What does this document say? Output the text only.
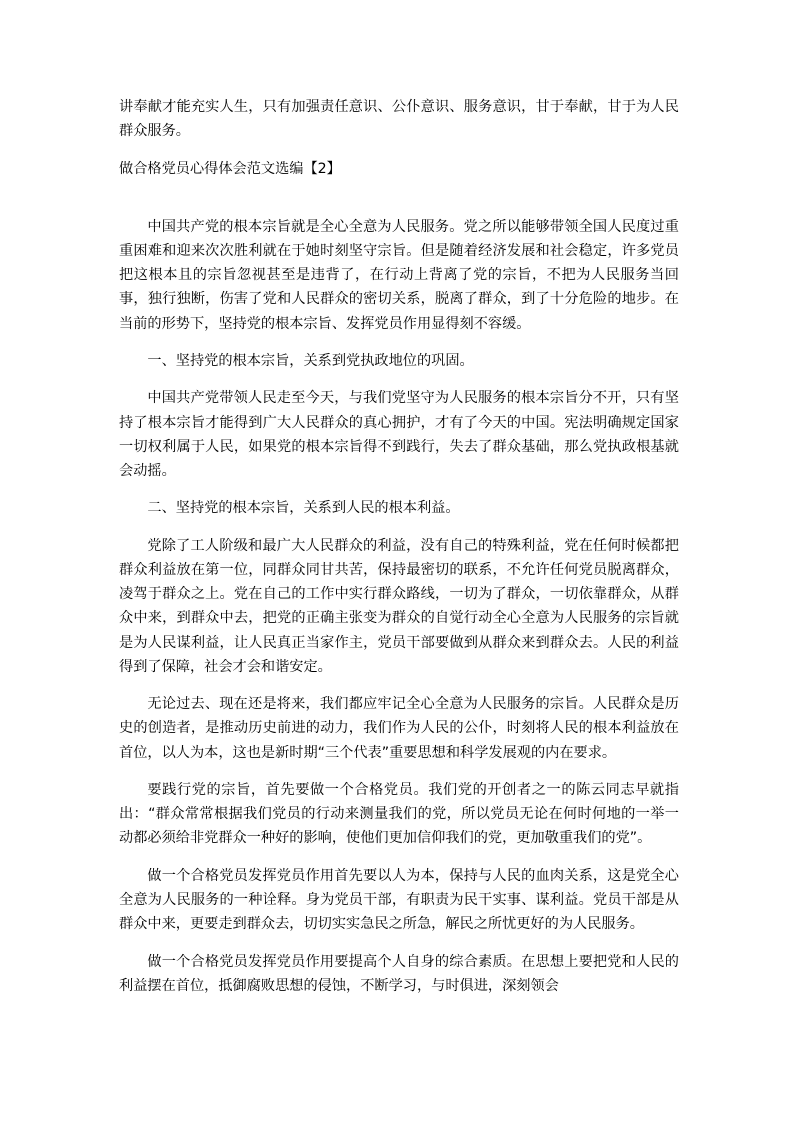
讲奉献才能充实人生，只有加强责任意识、公仆意识、服务意识，甘于奉献，甘于为人民群众服务。

做合格党员心得体会范文选编【2】

中国共产党的根本宗旨就是全心全意为人民服务。党之所以能够带领全国人民度过重重困难和迎来次次胜利就在于她时刻坚守宗旨。但是随着经济发展和社会稳定，许多党员把这根本且的宗旨忽视甚至是违背了，在行动上背离了党的宗旨，不把为人民服务当回事，独行独断，伤害了党和人民群众的密切关系，脱离了群众，到了十分危险的地步。在当前的形势下，坚持党的根本宗旨、发挥党员作用显得刻不容缓。

一、坚持党的根本宗旨，关系到党执政地位的巩固。

中国共产党带领人民走至今天，与我们党坚守为人民服务的根本宗旨分不开，只有坚持了根本宗旨才能得到广大人民群众的真心拥护，才有了今天的中国。宪法明确规定国家一切权利属于人民，如果党的根本宗旨得不到践行，失去了群众基础，那么党执政根基就会动摇。

二、坚持党的根本宗旨，关系到人民的根本利益。

党除了工人阶级和最广大人民群众的利益，没有自己的特殊利益，党在任何时候都把群众利益放在第一位，同群众同甘共苦，保持最密切的联系，不允许任何党员脱离群众，凌驾于群众之上。党在自己的工作中实行群众路线，一切为了群众，一切依靠群众，从群众中来，到群众中去，把党的正确主张变为群众的自觉行动全心全意为人民服务的宗旨就是为人民谋利益，让人民真正当家作主，党员干部要做到从群众来到群众去。人民的利益得到了保障，社会才会和谐安定。

无论过去、现在还是将来，我们都应牢记全心全意为人民服务的宗旨。人民群众是历史的创造者，是推动历史前进的动力，我们作为人民的公仆，时刻将人民的根本利益放在首位，以人为本，这也是新时期“三个代表”重要思想和科学发展观的内在要求。

要践行党的宗旨，首先要做一个合格党员。我们党的开创者之一的陈云同志早就指出：“群众常常根据我们党员的行动来测量我们的党，所以党员无论在何时何地的一举一动都必须给非党群众一种好的影响，使他们更加信仰我们的党，更加敬重我们的党”。

做一个合格党员发挥党员作用首先要以人为本，保持与人民的血肉关系，这是党全心全意为人民服务的一种诠释。身为党员干部，有职责为民干实事、谋利益。党员干部是从群众中来，更要走到群众去，切切实实急民之所急，解民之所忧更好的为人民服务。

做一个合格党员发挥党员作用要提高个人自身的综合素质。在思想上要把党和人民的利益摆在首位，抵御腐败思想的侵蚀，不断学习，与时俱进，深刻领会
